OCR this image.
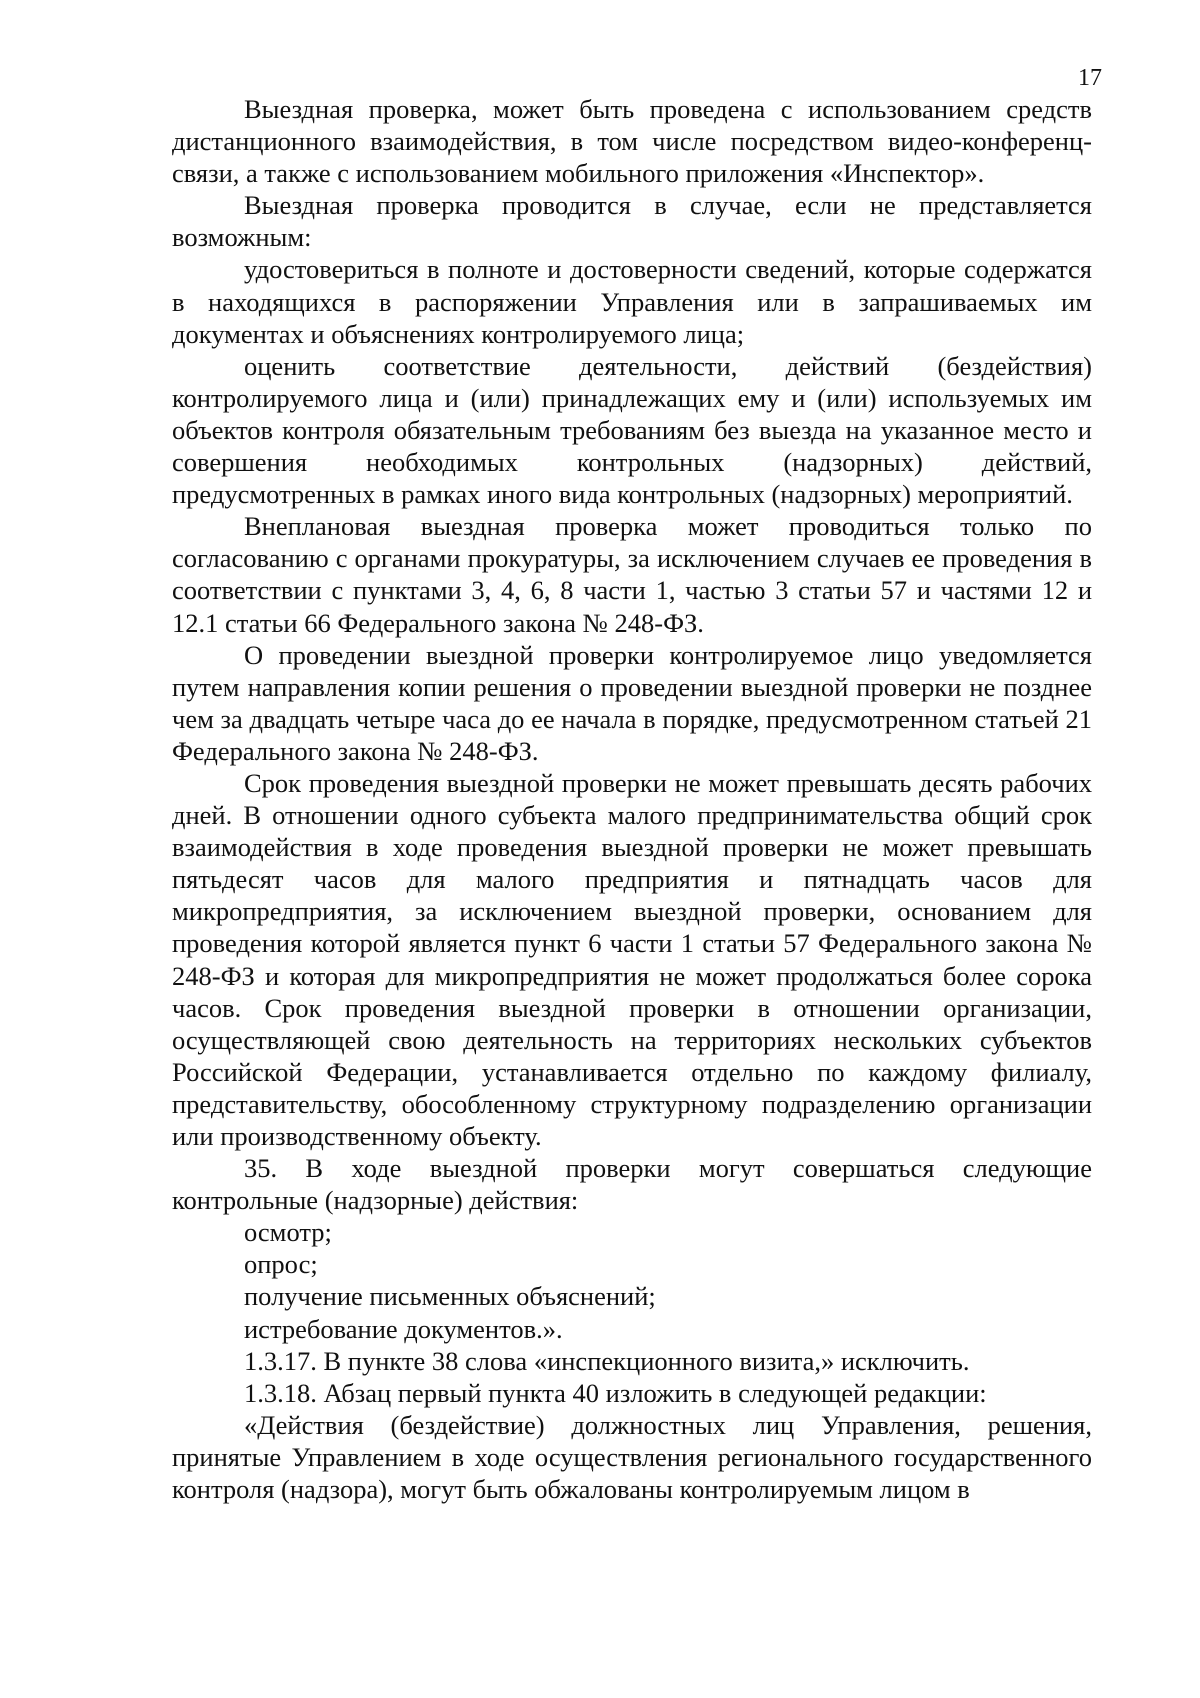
17

Выездная проверка, может быть проведена с использованием средств дистанционного взаимодействия, в том числе посредством видео-конференц-связи, а также с использованием мобильного приложения «Инспектор».

Выездная проверка проводится в случае, если не представляется возможным:

удостовериться в полноте и достоверности сведений, которые содержатся в находящихся в распоряжении Управления или в запрашиваемых им документах и объяснениях контролируемого лица;

оценить соответствие деятельности, действий (бездействия) контролируемого лица и (или) принадлежащих ему и (или) используемых им объектов контроля обязательным требованиям без выезда на указанное место и совершения необходимых контрольных (надзорных) действий, предусмотренных в рамках иного вида контрольных (надзорных) мероприятий.

Внеплановая выездная проверка может проводиться только по согласованию с органами прокуратуры, за исключением случаев ее проведения в соответствии с пунктами 3, 4, 6, 8 части 1, частью 3 статьи 57 и частями 12 и 12.1 статьи 66 Федерального закона № 248-ФЗ.

О проведении выездной проверки контролируемое лицо уведомляется путем направления копии решения о проведении выездной проверки не позднее чем за двадцать четыре часа до ее начала в порядке, предусмотренном статьей 21 Федерального закона № 248-ФЗ.

Срок проведения выездной проверки не может превышать десять рабочих дней. В отношении одного субъекта малого предпринимательства общий срок взаимодействия в ходе проведения выездной проверки не может превышать пятьдесят часов для малого предприятия и пятнадцать часов для микропредприятия, за исключением выездной проверки, основанием для проведения которой является пункт 6 части 1 статьи 57 Федерального закона № 248-ФЗ и которая для микропредприятия не может продолжаться более сорока часов. Срок проведения выездной проверки в отношении организации, осуществляющей свою деятельность на территориях нескольких субъектов Российской Федерации, устанавливается отдельно по каждому филиалу, представительству, обособленному структурному подразделению организации или производственному объекту.

35. В ходе выездной проверки могут совершаться следующие контрольные (надзорные) действия:

осмотр;

опрос;

получение письменных объяснений;

истребование документов.».

1.3.17. В пункте 38 слова «инспекционного визита,» исключить.

1.3.18. Абзац первый пункта 40 изложить в следующей редакции:

«Действия (бездействие) должностных лиц Управления, решения, принятые Управлением в ходе осуществления регионального государственного контроля (надзора), могут быть обжалованы контролируемым лицом в
